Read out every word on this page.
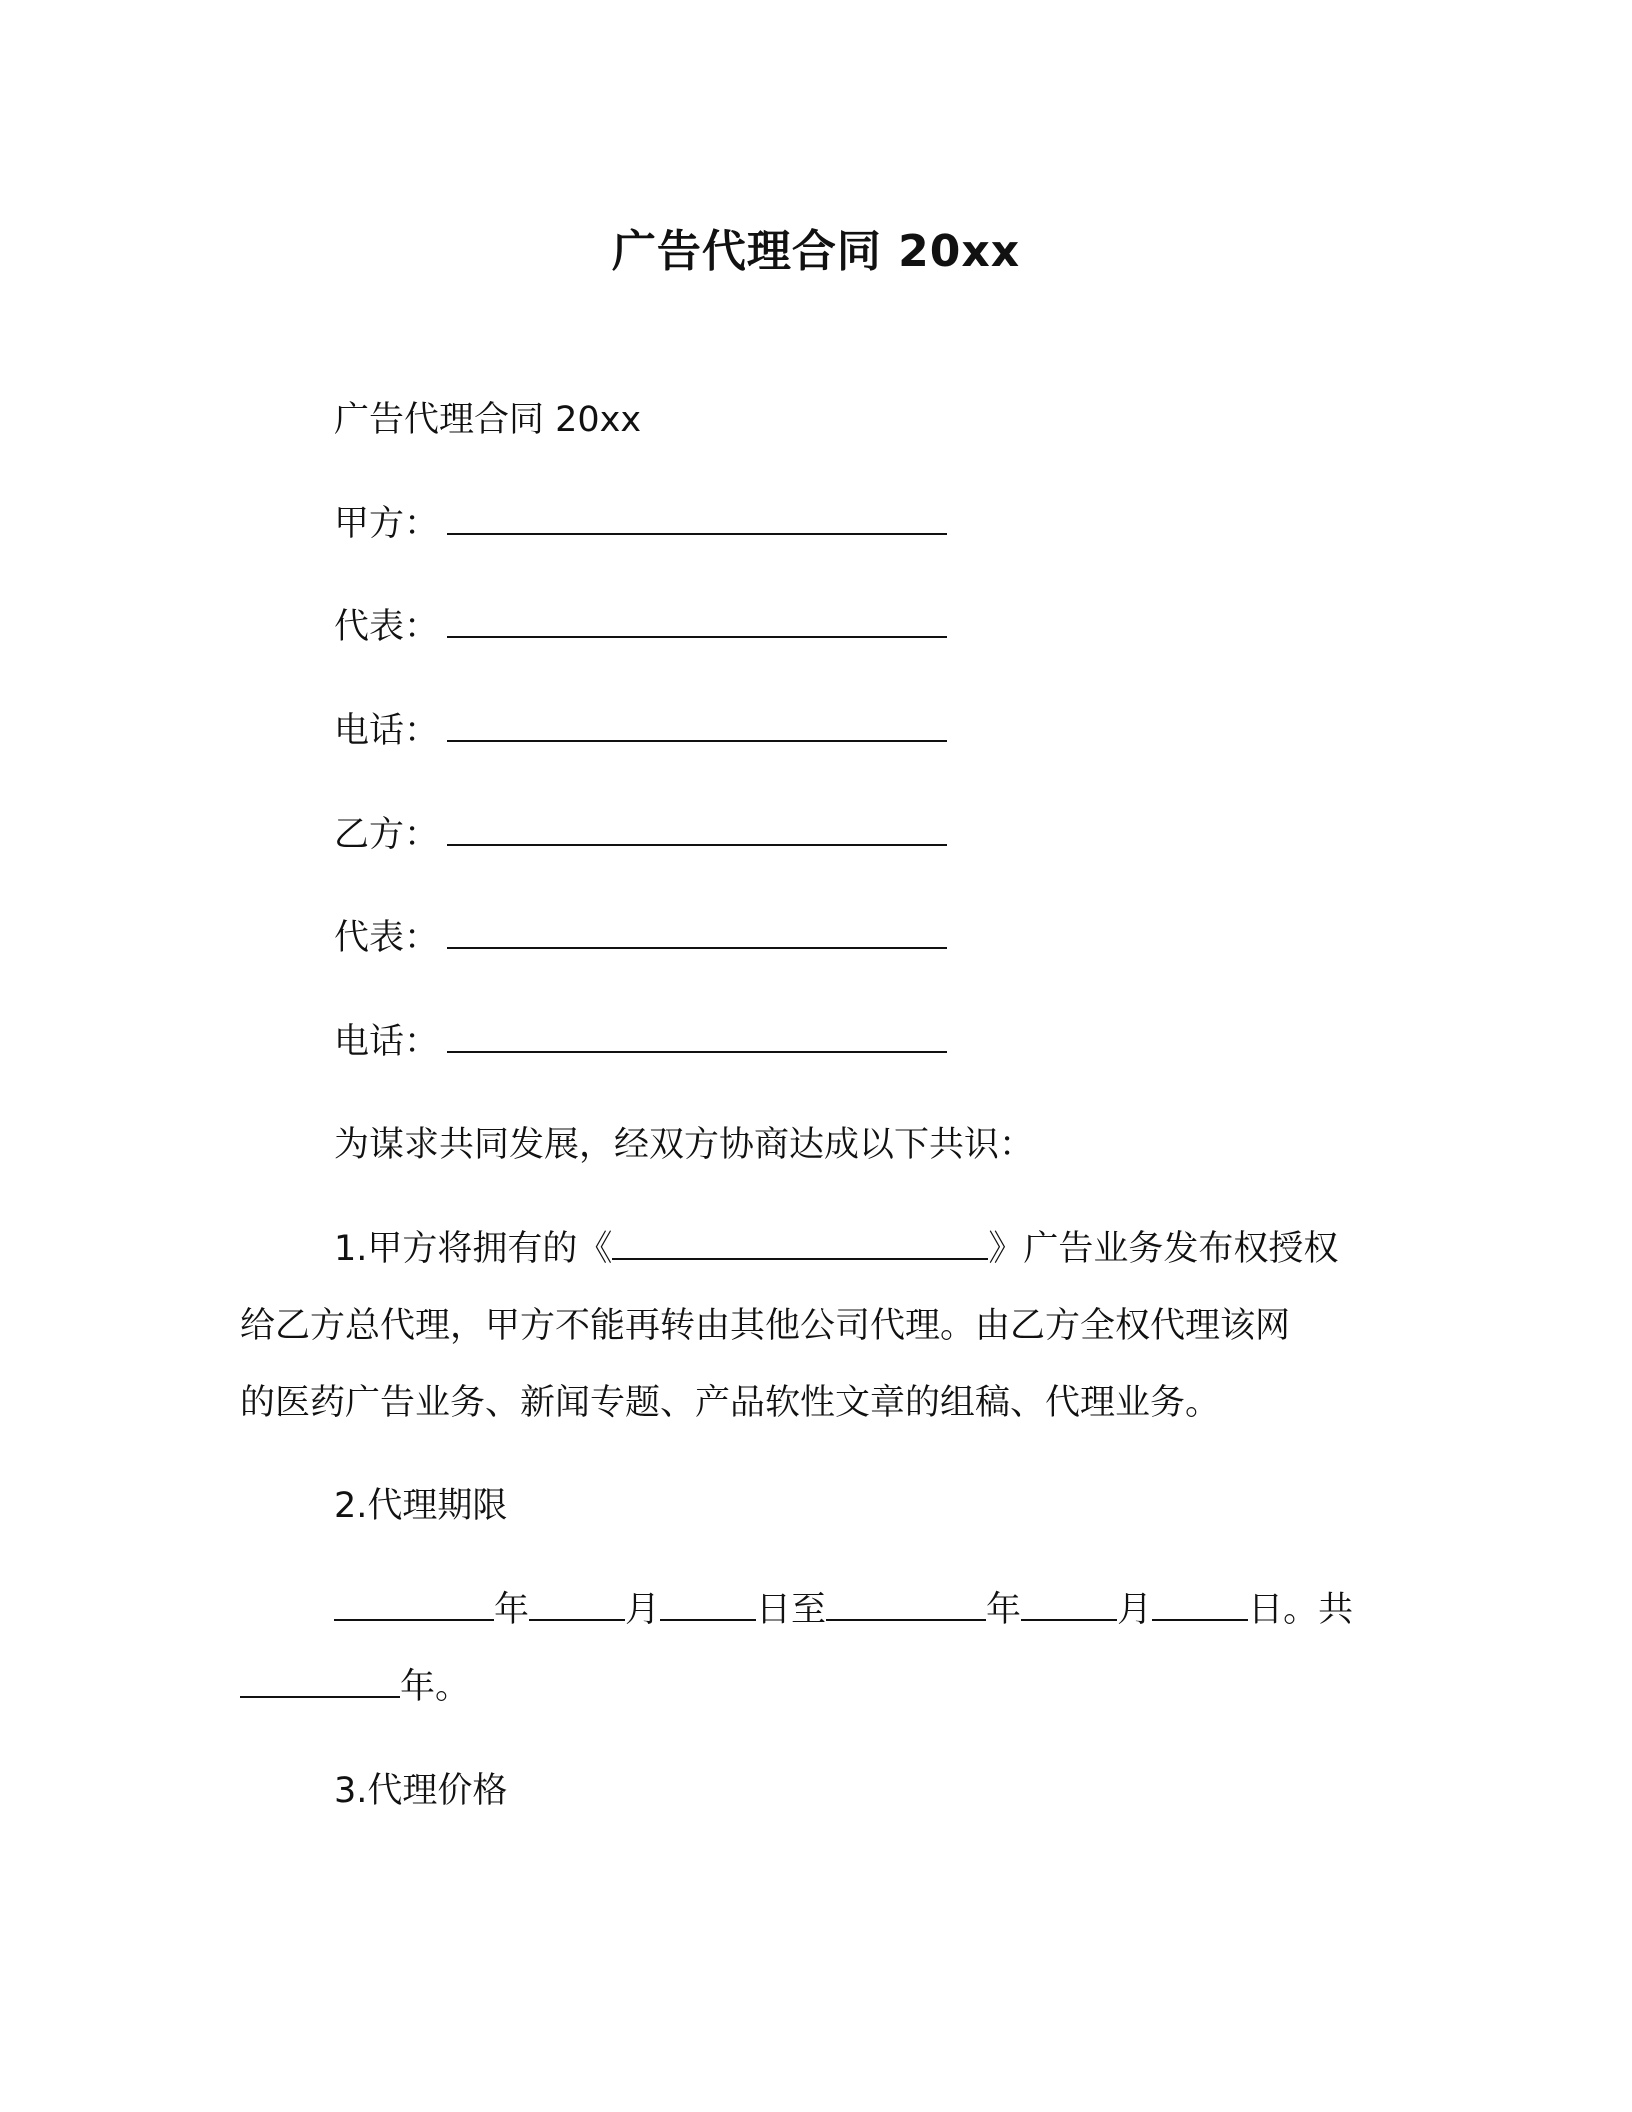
广告代理合同 20xx
广告代理合同 20xx
甲方：
代表：
电话：
乙方：
代表：
电话：
为谋求共同发展，经双方协商达成以下共识：
1.甲方将拥有的《	》广告业务发布权授权
给乙方总代理，甲方不能再转由其他公司代理。由乙方全权代理该网
的医药广告业务、新闻专题、产品软性文章的组稿、代理业务。
2.代理期限
年	月	日至	年	月	日。共
年。
3.代理价格
